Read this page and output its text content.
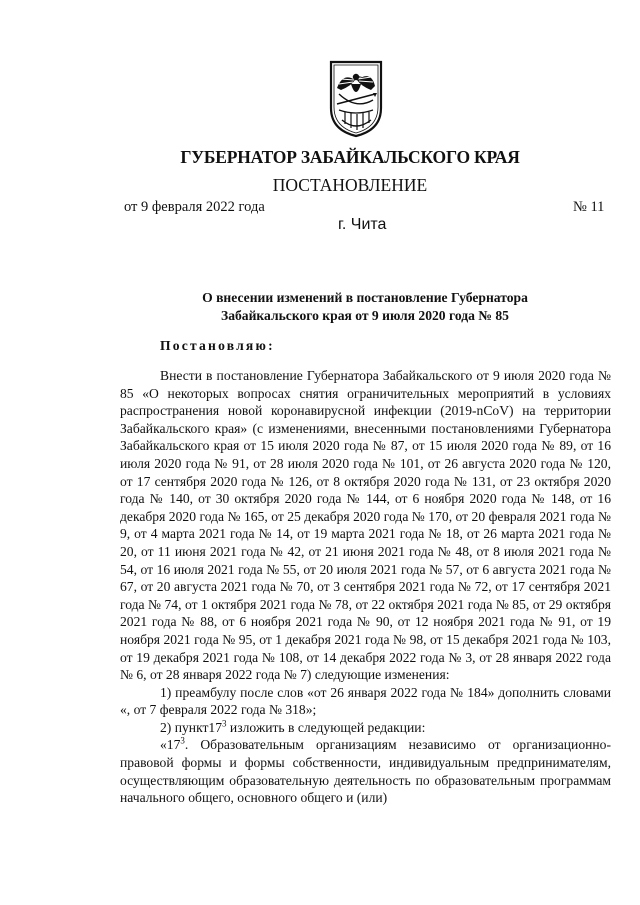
ГУБЕРНАТОР ЗАБАЙКАЛЬСКОГО КРАЯ
ПОСТАНОВЛЕНИЕ
от 9 февраля 2022 года	№ 11
г. Чита
О внесении изменений в постановление Губернатора
Забайкальского края от 9 июля 2020 года № 85
Постановляю:

Внести в постановление Губернатора Забайкальского от 9 июля 2020 года № 85 «О некоторых вопросах снятия ограничительных мероприятий в условиях распространения новой коронавирусной инфекции (2019-nCoV) на территории Забайкальского края» (с изменениями, внесенными постановлениями Губернатора Забайкальского края от 15 июля 2020 года № 87, от 15 июля 2020 года № 89, от 16 июля 2020 года № 91, от 28 июля 2020 года № 101, от 26 августа 2020 года № 120, от 17 сентября 2020 года № 126, от 8 октября 2020 года № 131, от 23 октября 2020 года № 140, от 30 октября 2020 года № 144, от 6 ноября 2020 года № 148, от 16 декабря 2020 года № 165, от 25 декабря 2020 года № 170, от 20 февраля 2021 года № 9, от 4 марта 2021 года № 14, от 19 марта 2021 года № 18, от 26 марта 2021 года № 20, от 11 июня 2021 года № 42, от 21 июня 2021 года № 48, от 8 июля 2021 года № 54, от 16 июля 2021 года № 55, от 20 июля 2021 года № 57, от 6 августа 2021 года № 67, от 20 августа 2021 года № 70, от 3 сентября 2021 года № 72, от 17 сентября 2021 года № 74, от 1 октября 2021 года № 78, от 22 октября 2021 года № 85, от 29 октября 2021 года № 88, от 6 ноября 2021 года № 90, от 12 ноября 2021 года № 91, от 19 ноября 2021 года № 95, от 1 декабря 2021 года № 98, от 15 декабря 2021 года № 103, от 19 декабря 2021 года № 108, от 14 декабря 2022 года № 3, от 28 января 2022 года № 6, от 28 января 2022 года № 7) следующие изменения:

1) преамбулу после слов «от 26 января 2022 года № 184» дополнить словами «, от 7 февраля 2022 года № 318»;

2) $пункт17^3$ изложить в следующей редакции:

«$17^3$. Образовательным организациям независимо от организационно-правовой формы и формы собственности, индивидуальным предпринимателям, осуществляющим образовательную деятельность по образовательным программам начального общего, основного общего и (или)
